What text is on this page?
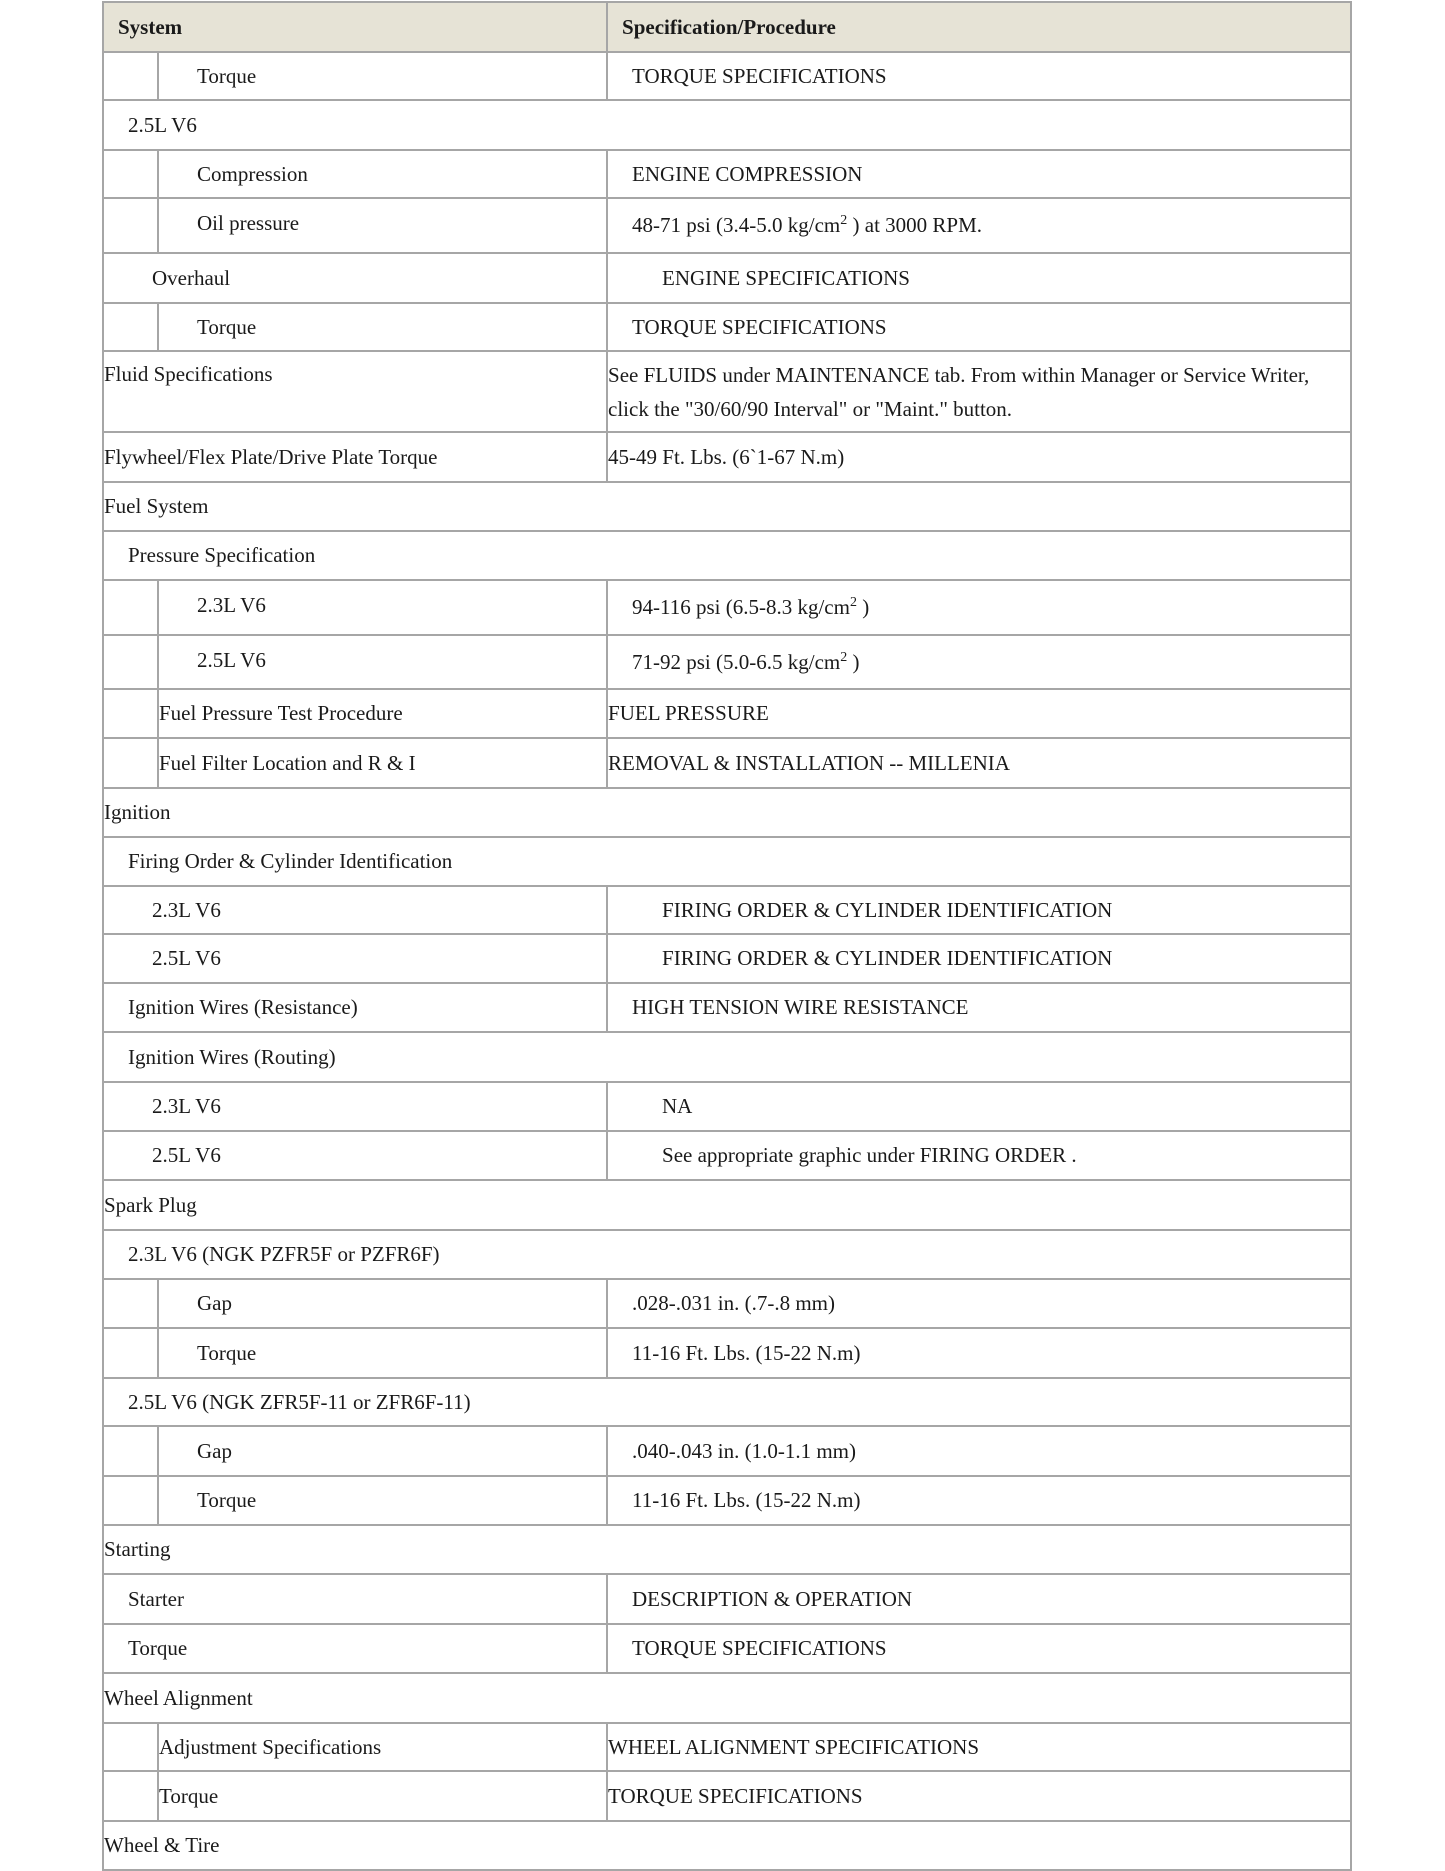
System		Specification/Procedure
	Torque	TORQUE SPECIFICATIONS
2.5L V6		
	Compression	ENGINE COMPRESSION
	Oil pressure	48-71 psi (3.4-5.0 $kg/cm^2$ ) at 3000 RPM.
Overhaul		ENGINE SPECIFICATIONS
	Torque	TORQUE SPECIFICATIONS
Fluid Specifications		See FLUIDS under MAINTENANCE tab. From within Manager or Service Writer, click the "30/60/90 Interval" or "Maint." button.
Flywheel/Flex Plate/Drive Plate Torque		45-49 Ft. Lbs. (6`1-67 N.m)
Fuel System		
Pressure Specification		
	2.3L V6	94-116 psi (6.5-8.3 $kg/cm^2$ )
	2.5L V6	71-92 psi (5.0-6.5 $kg/cm^2$ )
	Fuel Pressure Test Procedure	FUEL PRESSURE
	Fuel Filter Location and R & I	REMOVAL & INSTALLATION -- MILLENIA
Ignition		
Firing Order & Cylinder Identification		
2.3L V6		FIRING ORDER & CYLINDER IDENTIFICATION
2.5L V6		FIRING ORDER & CYLINDER IDENTIFICATION
Ignition Wires (Resistance)		HIGH TENSION WIRE RESISTANCE
Ignition Wires (Routing)		
2.3L V6		NA
2.5L V6		See appropriate graphic under FIRING ORDER .
Spark Plug		
2.3L V6 (NGK PZFR5F or PZFR6F)		
	Gap	.028-.031 in. (.7-.8 mm)
	Torque	11-16 Ft. Lbs. (15-22 N.m)
2.5L V6 (NGK ZFR5F-11 or ZFR6F-11)		
	Gap	.040-.043 in. (1.0-1.1 mm)
	Torque	11-16 Ft. Lbs. (15-22 N.m)
Starting		
Starter		DESCRIPTION & OPERATION
Torque		TORQUE SPECIFICATIONS
Wheel Alignment		
	Adjustment Specifications	WHEEL ALIGNMENT SPECIFICATIONS
	Torque	TORQUE SPECIFICATIONS
Wheel & Tire		
